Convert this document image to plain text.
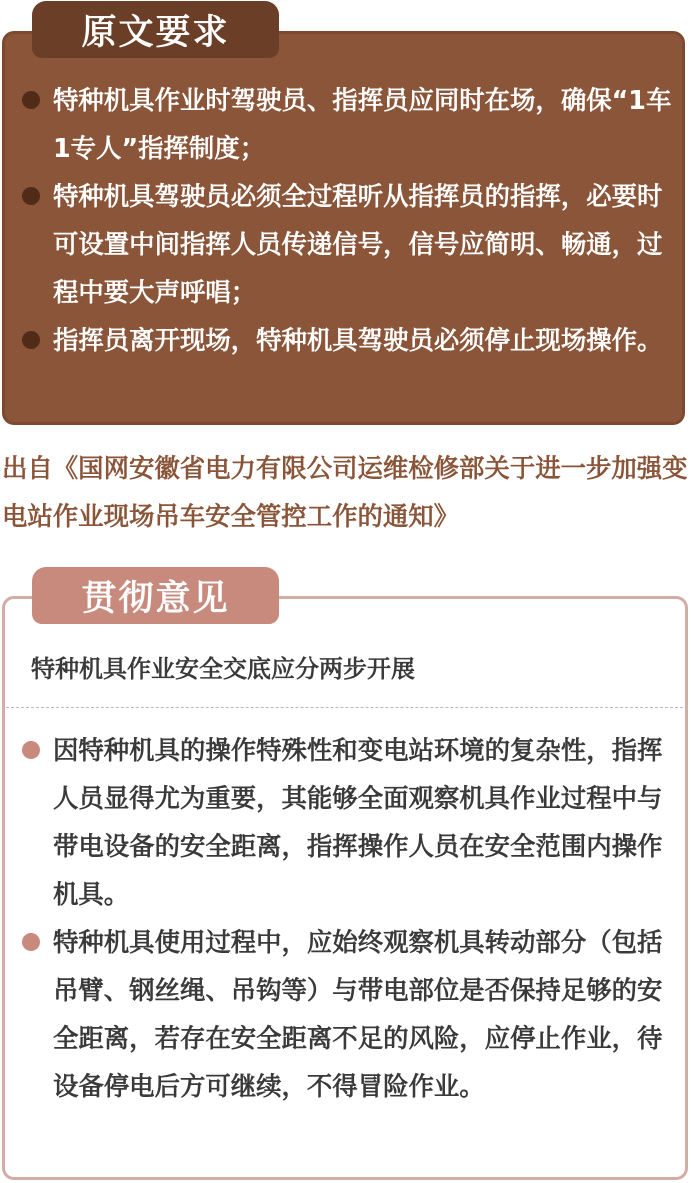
原文要求
特种机具作业时驾驶员、指挥员应同时在场，确保“1车1专人”指挥制度；
特种机具驾驶员必须全过程听从指挥员的指挥，必要时可设置中间指挥人员传递信号，信号应简明、畅通，过程中要大声呼唱；
指挥员离开现场，特种机具驾驶员必须停止现场操作。

出自《国网安徽省电力有限公司运维检修部关于进一步加强变电站作业现场吊车安全管控工作的通知》

贯彻意见

特种机具作业安全交底应分两步开展

因特种机具的操作特殊性和变电站环境的复杂性，指挥人员显得尤为重要，其能够全面观察机具作业过程中与带电设备的安全距离，指挥操作人员在安全范围内操作机具。
特种机具使用过程中，应始终观察机具转动部分（包括吊臂、钢丝绳、吊钩等）与带电部位是否保持足够的安全距离，若存在安全距离不足的风险，应停止作业，待设备停电后方可继续，不得冒险作业。
